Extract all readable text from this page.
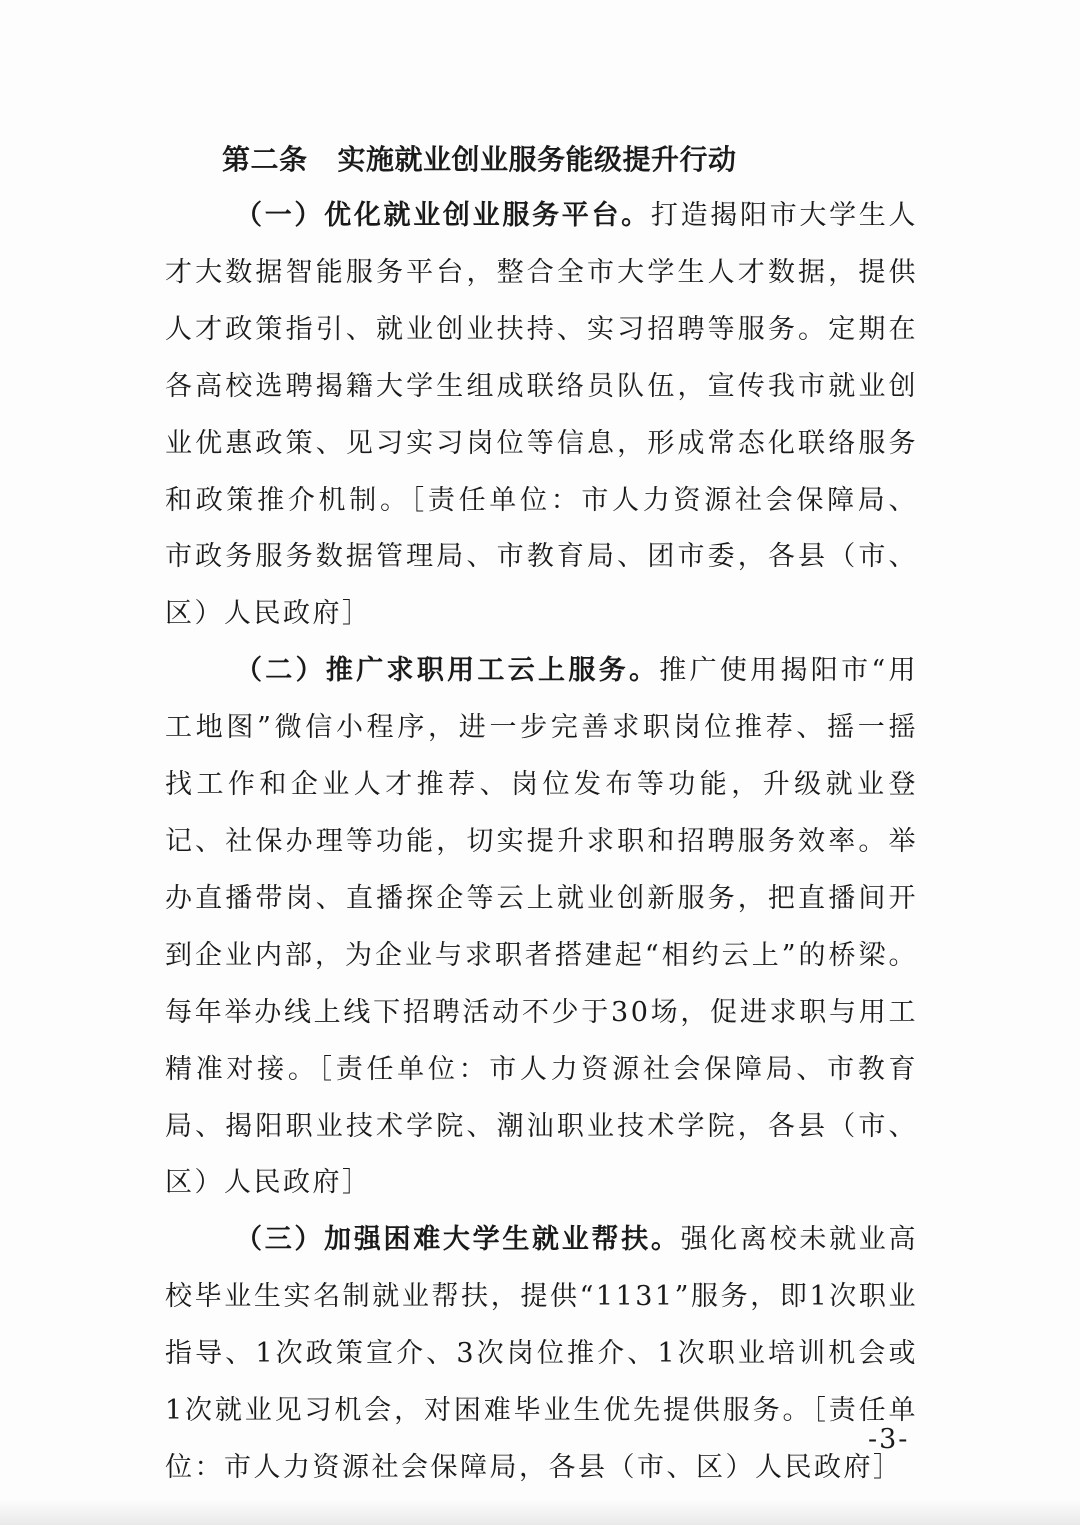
第二条 实施就业创业服务能级提升行动

（一）优化就业创业服务平台。打造揭阳市大学生人才大数据智能服务平台，整合全市大学生人才数据，提供人才政策指引、就业创业扶持、实习招聘等服务。定期在各高校选聘揭籍大学生组成联络员队伍，宣传我市就业创业优惠政策、见习实习岗位等信息，形成常态化联络服务和政策推介机制。［责任单位：市人力资源社会保障局、市政务服务数据管理局、市教育局、团市委，各县（市、区）人民政府］

（二）推广求职用工云上服务。推广使用揭阳市“用工地图”微信小程序，进一步完善求职岗位推荐、摇一摇找工作和企业人才推荐、岗位发布等功能，升级就业登记、社保办理等功能，切实提升求职和招聘服务效率。举办直播带岗、直播探企等云上就业创新服务，把直播间开到企业内部，为企业与求职者搭建起“相约云上”的桥梁。每年举办线上线下招聘活动不少于30场，促进求职与用工精准对接。［责任单位：市人力资源社会保障局、市教育局、揭阳职业技术学院、潮汕职业技术学院，各县（市、区）人民政府］

（三）加强困难大学生就业帮扶。强化离校未就业高校毕业生实名制就业帮扶，提供“1131”服务，即1次职业指导、1次政策宣介、3次岗位推介、1次职业培训机会或1次就业见习机会，对困难毕业生优先提供服务。［责任单位：市人力资源社会保障局，各县（市、区）人民政府］

-3-
